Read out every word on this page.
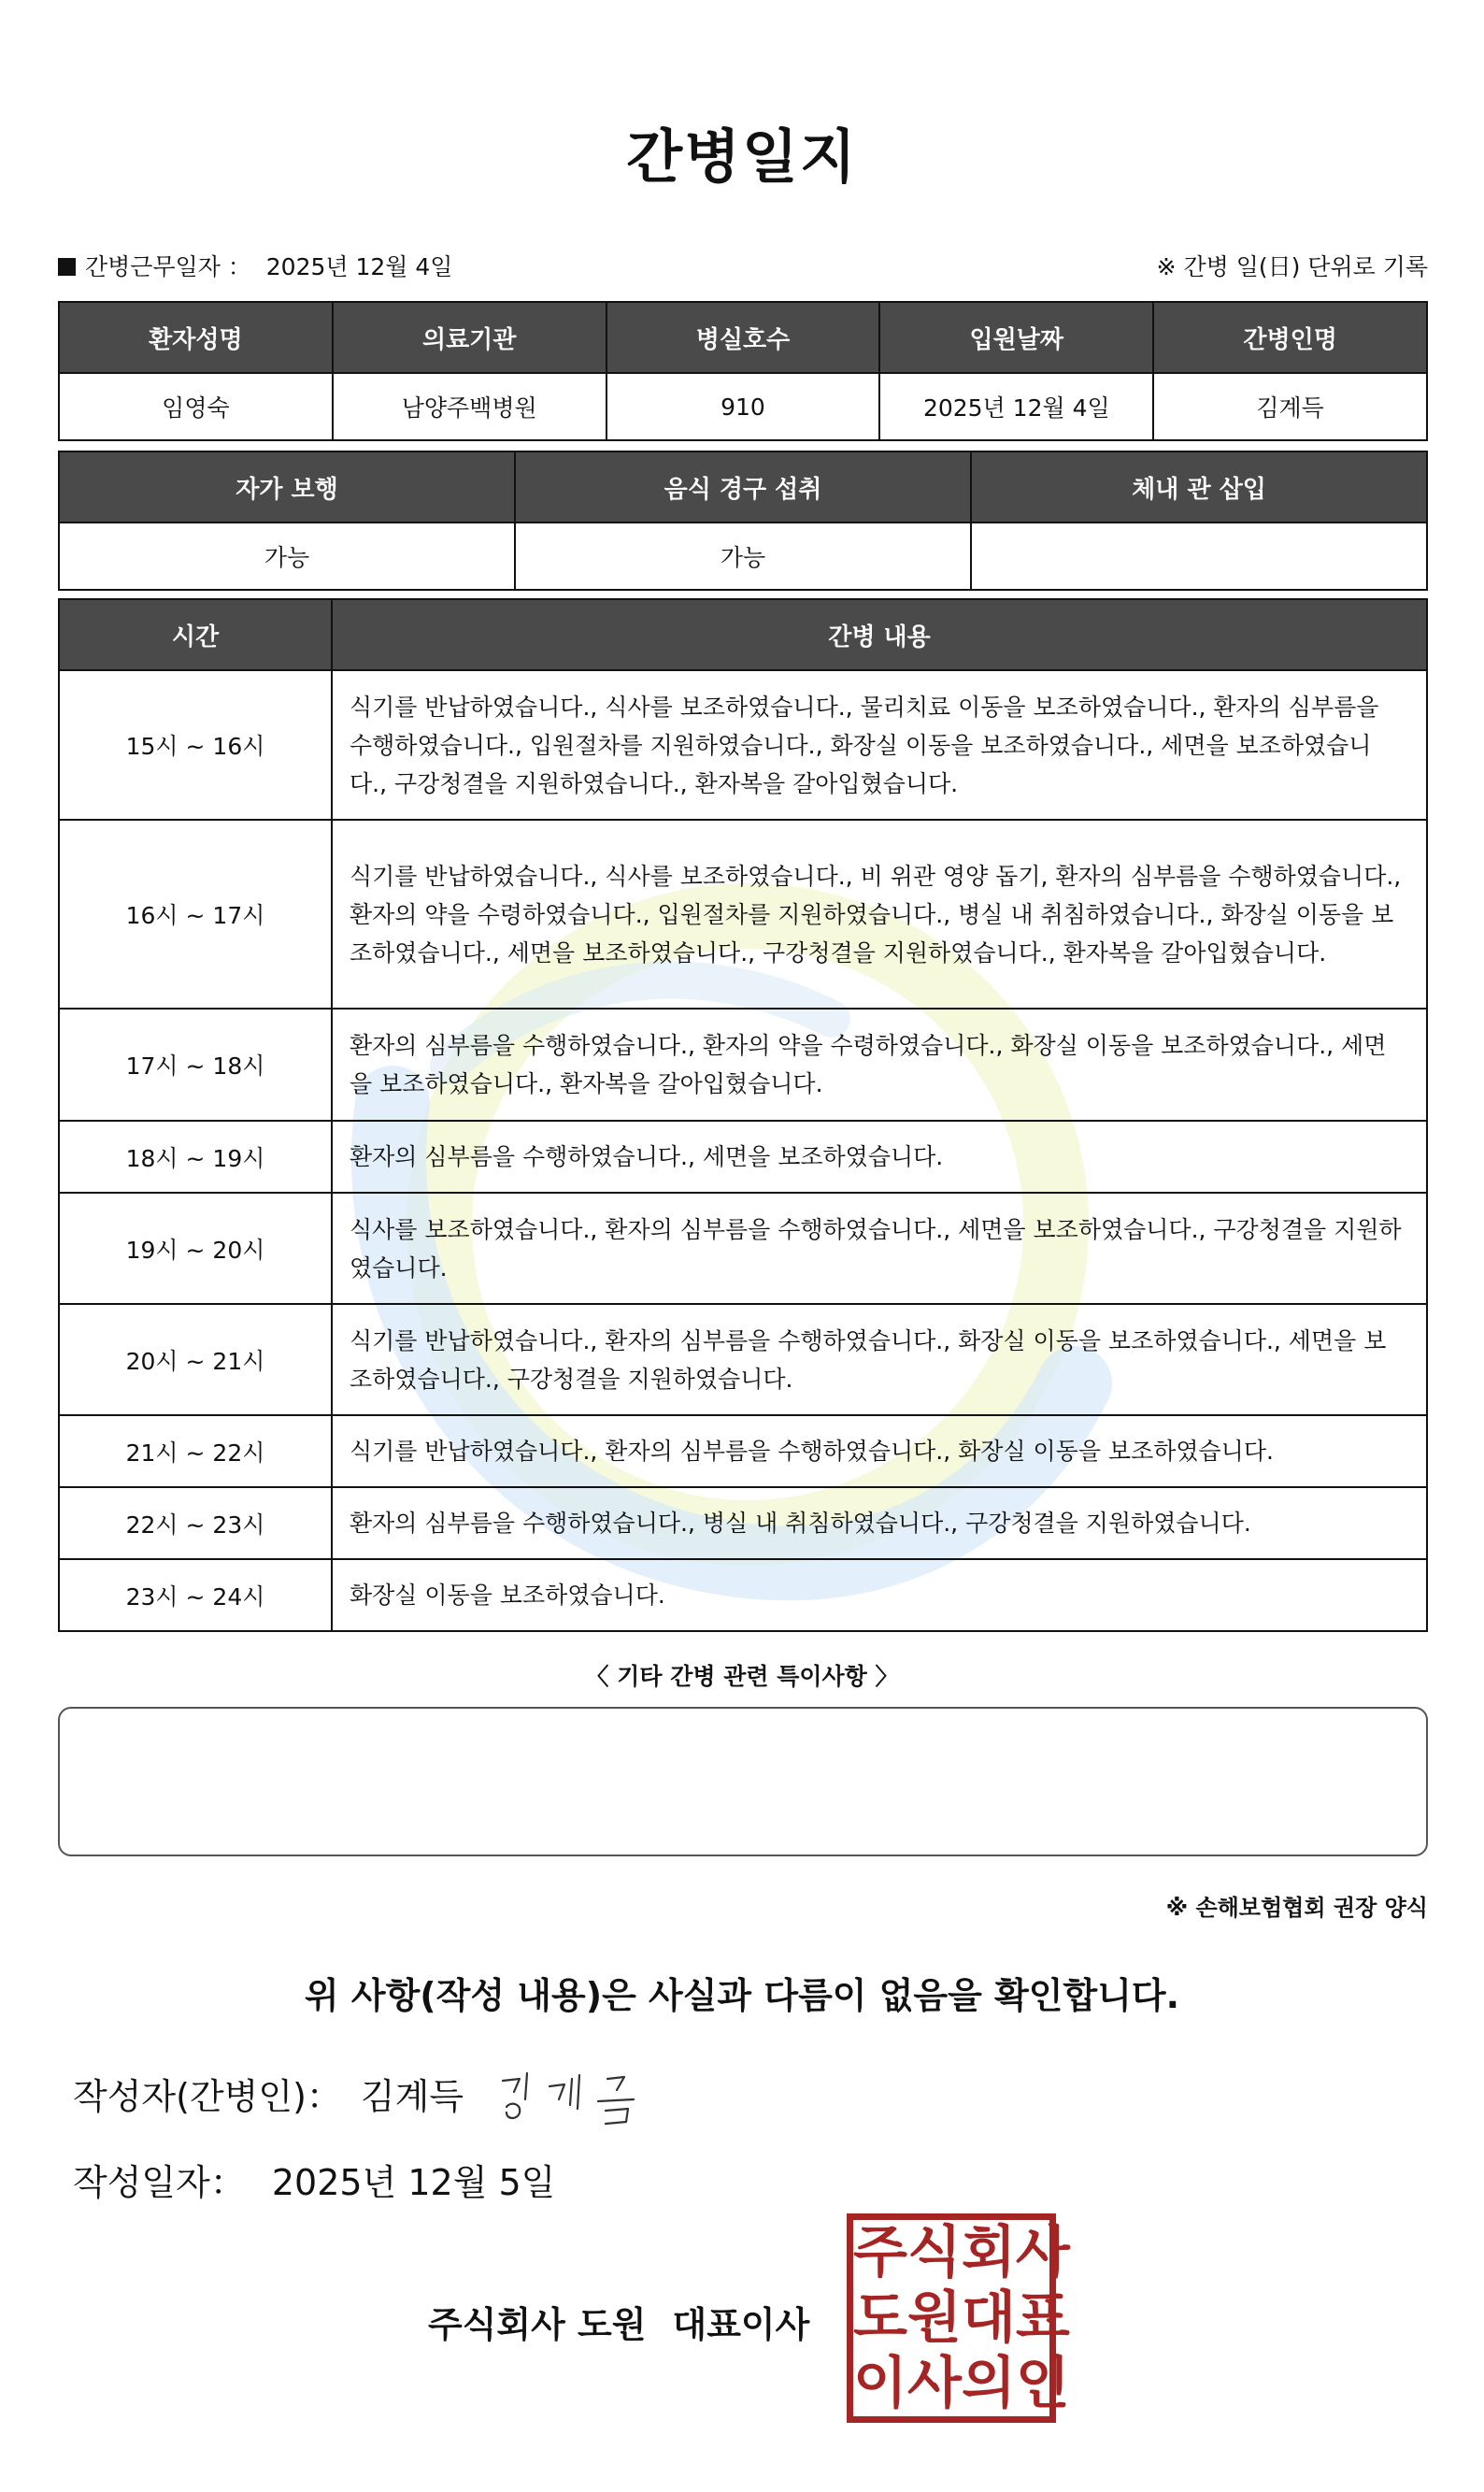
간병일지
간병근무일자 ： 2025년 12월 4일	※ 간병 일(日) 단위로 기록
환자성명	의료기관	병실호수	입원날짜	간병인명
임영숙	남양주백병원	910	2025년 12월 4일	김계득
자가 보행	음식 경구 섭취	체내 관 삽입
가능	가능	
시간	간병 내용
15시 ~ 16시	식기를 반납하였습니다., 식사를 보조하였습니다., 물리치료 이동을 보조하였습니다., 환자의 심부름을 수행하였습니다., 입원절차를 지원하였습니다., 화장실 이동을 보조하였습니다., 세면을 보조하였습니다., 구강청결을 지원하였습니다., 환자복을 갈아입혔습니다.
16시 ~ 17시	식기를 반납하였습니다., 식사를 보조하였습니다., 비 위관 영양 돕기, 환자의 심부름을 수행하였습니다., 환자의 약을 수령하였습니다., 입원절차를 지원하였습니다., 병실 내 취침하였습니다., 화장실 이동을 보조하였습니다., 세면을 보조하였습니다., 구강청결을 지원하였습니다., 환자복을 갈아입혔습니다.
17시 ~ 18시	환자의 심부름을 수행하였습니다., 환자의 약을 수령하였습니다., 화장실 이동을 보조하였습니다., 세면을 보조하였습니다., 환자복을 갈아입혔습니다.
18시 ~ 19시	환자의 심부름을 수행하였습니다., 세면을 보조하였습니다.
19시 ~ 20시	식사를 보조하였습니다., 환자의 심부름을 수행하였습니다., 세면을 보조하였습니다., 구강청결을 지원하였습니다.
20시 ~ 21시	식기를 반납하였습니다., 환자의 심부름을 수행하였습니다., 화장실 이동을 보조하였습니다., 세면을 보조하였습니다., 구강청결을 지원하였습니다.
21시 ~ 22시	식기를 반납하였습니다., 환자의 심부름을 수행하였습니다., 화장실 이동을 보조하였습니다.
22시 ~ 23시	환자의 심부름을 수행하였습니다., 병실 내 취침하였습니다., 구강청결을 지원하였습니다.
23시 ~ 24시	화장실 이동을 보조하였습니다.
〈 기타 간병 관련 특이사항 〉
※ 손해보험협회 권장 양식
위 사항(작성 내용)은 사실과 다름이 없음을 확인합니다.
작성자(간병인)： 김계득
작성일자： 2025년 12월 5일
주식회사 도원 대표이사
주 식 회 사
도 원 대 표
이 사 의 인
